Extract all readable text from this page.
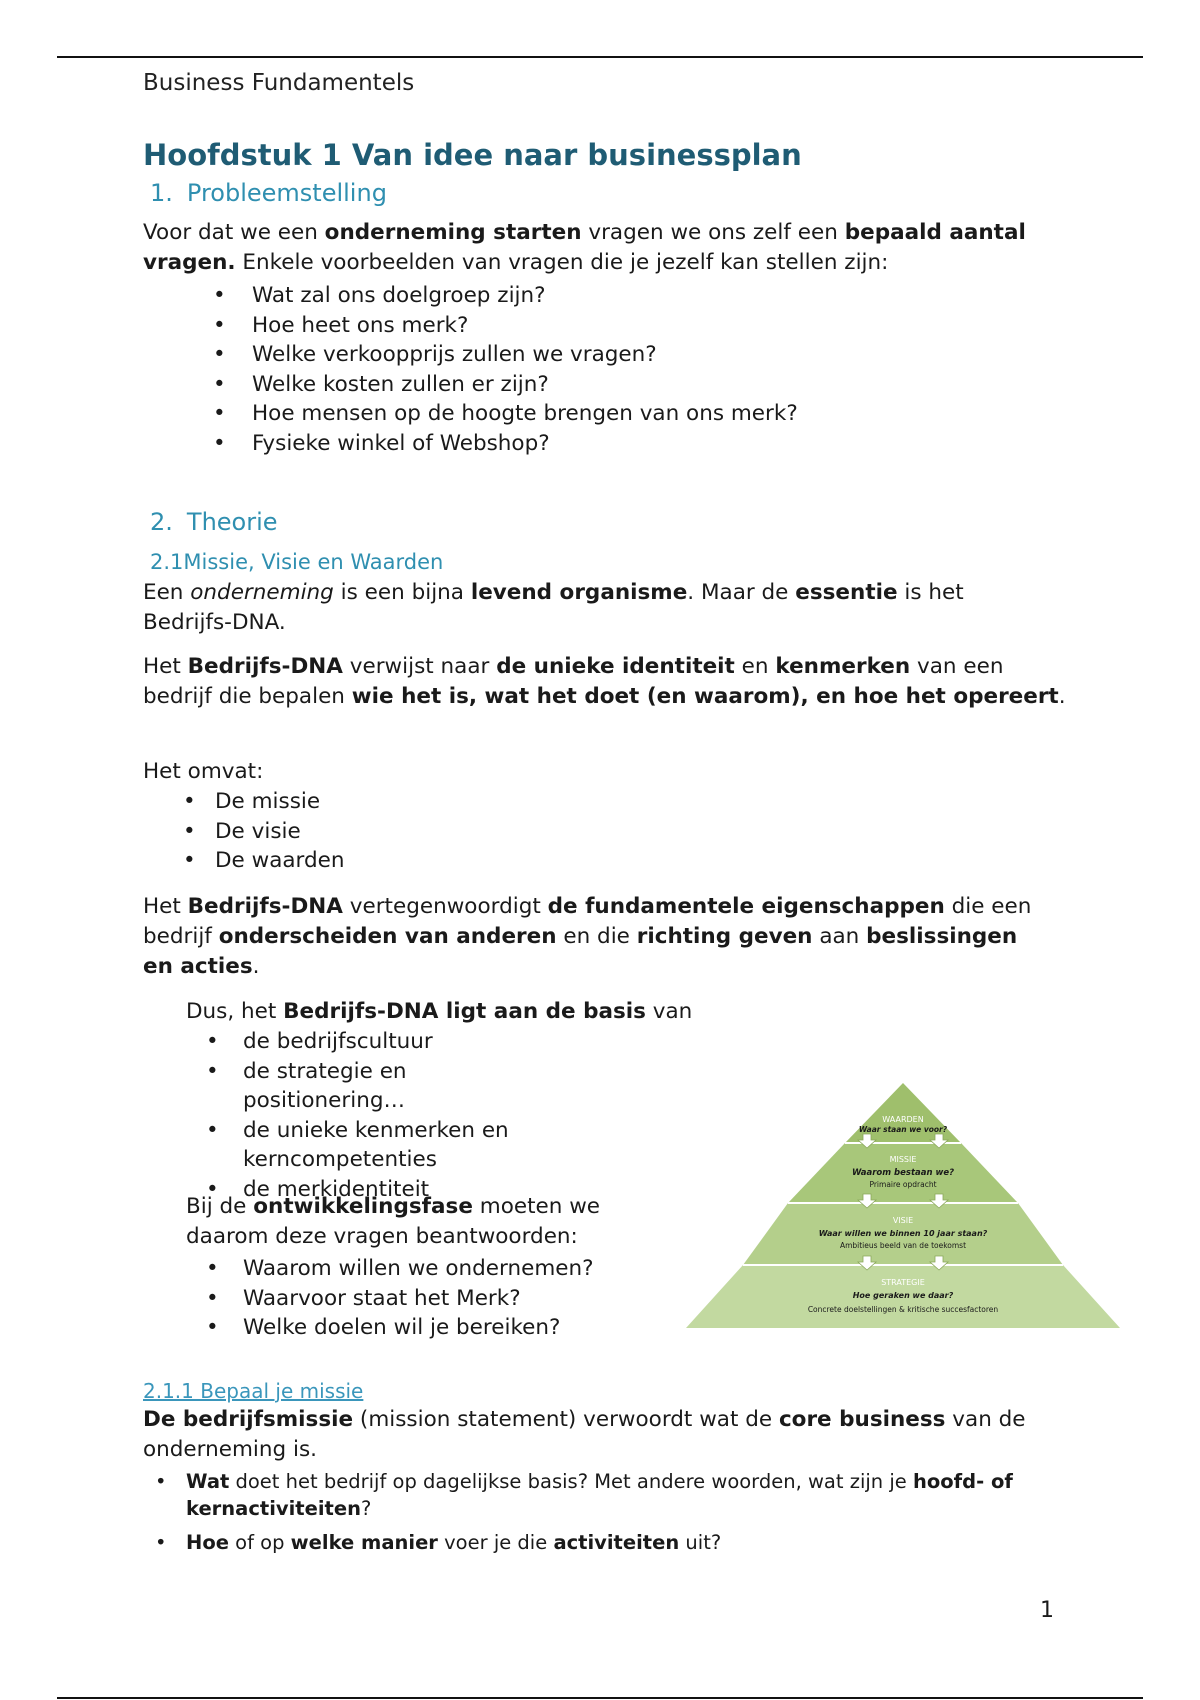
Business Fundamentels
Hoofdstuk 1 Van idee naar businessplan
1. Probleemstelling
Voor dat we een onderneming starten vragen we ons zelf een bepaald aantal vragen. Enkele voorbeelden van vragen die je jezelf kan stellen zijn:
• Wat zal ons doelgroep zijn?
• Hoe heet ons merk?
• Welke verkoopprijs zullen we vragen?
• Welke kosten zullen er zijn?
• Hoe mensen op de hoogte brengen van ons merk?
• Fysieke winkel of Webshop?
2. Theorie
2.1Missie, Visie en Waarden
Een onderneming is een bijna levend organisme. Maar de essentie is het Bedrijfs-DNA.
Het Bedrijfs-DNA verwijst naar de unieke identiteit en kenmerken van een bedrijf die bepalen wie het is, wat het doet (en waarom), en hoe het opereert.
Het omvat:
• De missie
• De visie
• De waarden
Het Bedrijfs-DNA vertegenwoordigt de fundamentele eigenschappen die een bedrijf onderscheiden van anderen en die richting geven aan beslissingen en acties.
Dus, het Bedrijfs-DNA ligt aan de basis van
• de bedrijfscultuur
• de strategie en positionering…
• de unieke kenmerken en kerncompetenties
• de merkidentiteit
Bij de ontwikkelingsfase moeten we daarom deze vragen beantwoorden:
• Waarom willen we ondernemen?
• Waarvoor staat het Merk?
• Welke doelen wil je bereiken?
2.1.1 Bepaal je missie
De bedrijfsmissie (mission statement) verwoordt wat de core business van de onderneming is.
• Wat doet het bedrijf op dagelijkse basis? Met andere woorden, wat zijn je hoofd- of kernactiviteiten?
• Hoe of op welke manier voer je die activiteiten uit?
WAARDEN
Waar staan we voor?
MISSIE
Waarom bestaan we?
Primaire opdracht
VISIE
Waar willen we binnen 10 jaar staan?
Ambitieus beeld van de toekomst
STRATEGIE
Hoe geraken we daar?
Concrete doelstellingen & kritische succesfactoren
1
